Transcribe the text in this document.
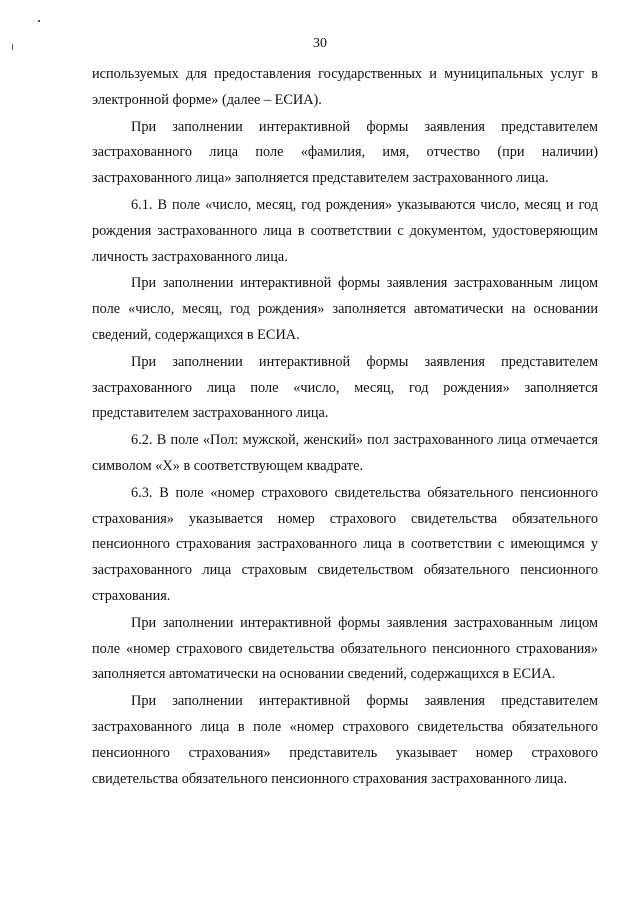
30

используемых для предоставления государственных и муниципальных услуг в электронной форме» (далее – ЕСИА).

При заполнении интерактивной формы заявления представителем застрахованного лица поле «фамилия, имя, отчество (при наличии) застрахованного лица» заполняется представителем застрахованного лица.

6.1. В поле «число, месяц, год рождения» указываются число, месяц и год рождения застрахованного лица в соответствии с документом, удостоверяющим личность застрахованного лица.

При заполнении интерактивной формы заявления застрахованным лицом поле «число, месяц, год рождения» заполняется автоматически на основании сведений, содержащихся в ЕСИА.

При заполнении интерактивной формы заявления представителем застрахованного лица поле «число, месяц, год рождения» заполняется представителем застрахованного лица.

6.2. В поле «Пол: мужской, женский» пол застрахованного лица отмечается символом «Х» в соответствующем квадрате.

6.3. В поле «номер страхового свидетельства обязательного пенсионного страхования» указывается номер страхового свидетельства обязательного пенсионного страхования застрахованного лица в соответствии с имеющимся у застрахованного лица страховым свидетельством обязательного пенсионного страхования.

При заполнении интерактивной формы заявления застрахованным лицом поле «номер страхового свидетельства обязательного пенсионного страхования» заполняется автоматически на основании сведений, содержащихся в ЕСИА.

При заполнении интерактивной формы заявления представителем застрахованного лица в поле «номер страхового свидетельства обязательного пенсионного страхования» представитель указывает номер страхового свидетельства обязательного пенсионного страхования застрахованного лица.
